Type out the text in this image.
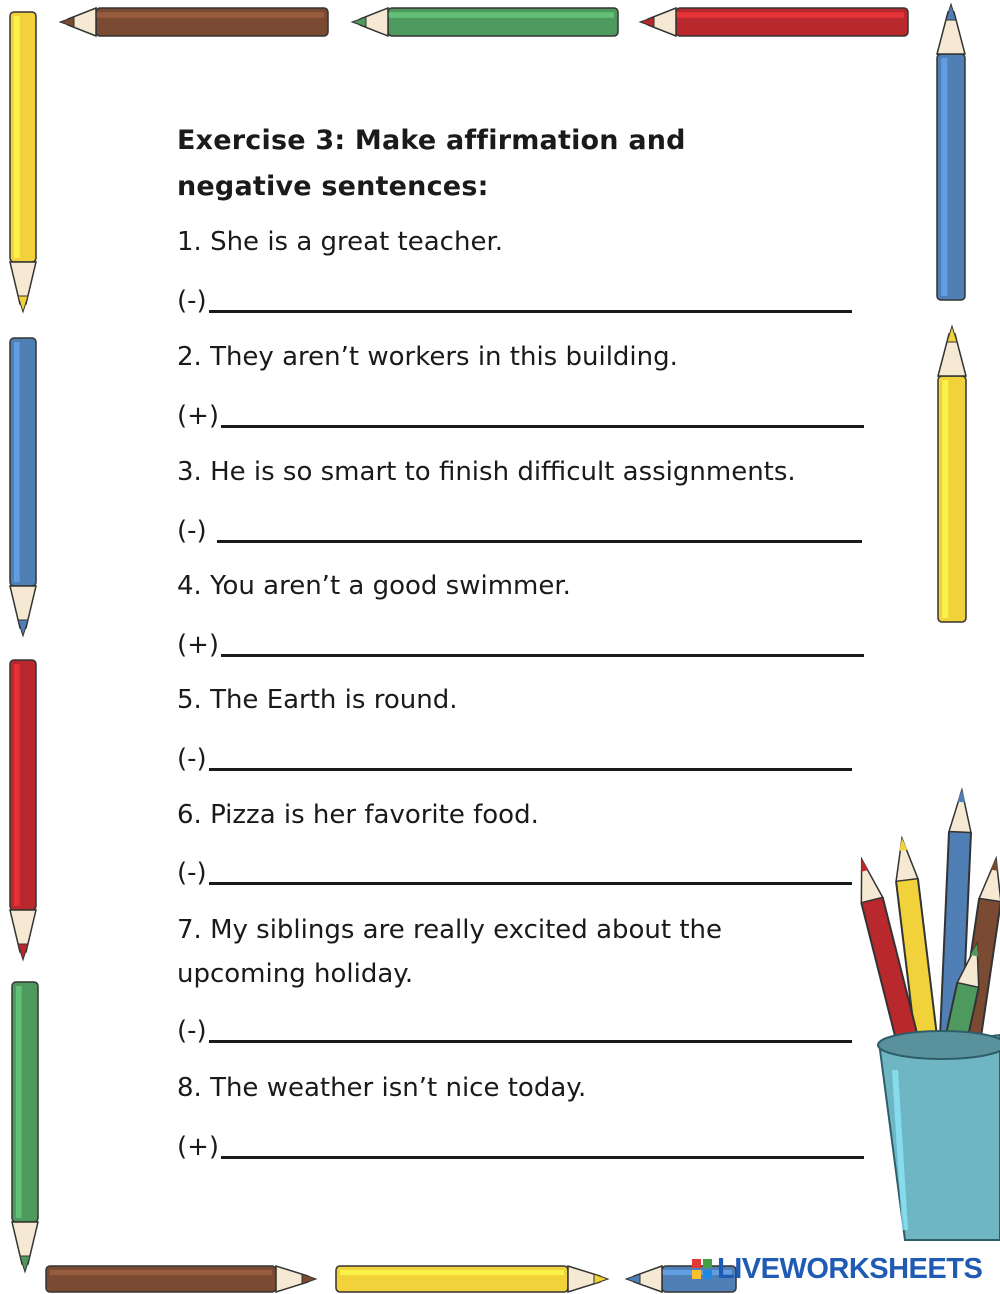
Exercise 3: Make affirmation and negative sentences:
1. She is a great teacher.
(-)
2. They aren’t workers in this building.
(+)
3. He is so smart to finish difficult assignments.
(-)
4. You aren’t a good swimmer.
(+)
5. The Earth is round.
(-)
6. Pizza is her favorite food.
(-)
7. My siblings are really excited about the upcoming holiday.
(-)
8. The weather isn’t nice today.
(+)
LIVEWORKSHEETS
